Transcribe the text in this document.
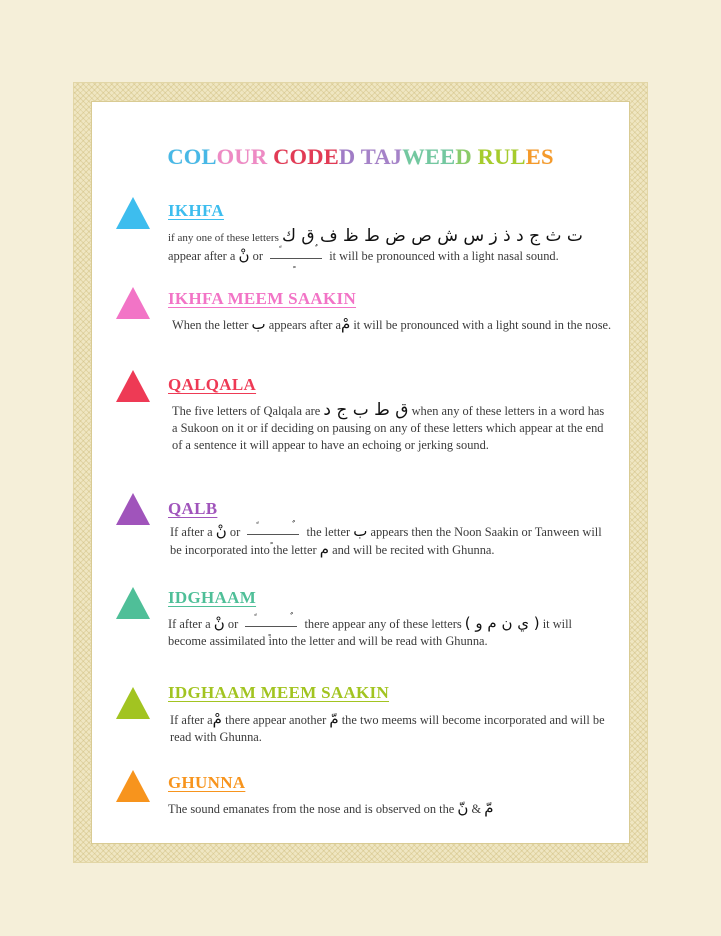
COLOUR CODED TAJWEED RULES
IKHFA

if any one of these letters ت ث ج د ذ ز س ش ص ض ط ظ ف ق ك
appear after a نْ or	it will be pronounced with a light nasal sound.

IKHFA MEEM SAAKIN

When the letter ب appears after aمْ it will be pronounced with a light sound in the nose.

QALQALA

The five letters of Qalqala are ق ط ب ج د when any of these letters in a word has a Sukoon on it or if deciding on pausing on any of these letters which appear at the end of a sentence it will appear to have an echoing or jerking sound.

QALB

If after a نْ or	the letter ب appears then the Noon Saakin or Tanween will be incorporated into the letter م and will be recited with Ghunna.

IDGHAAM

If after a نْ or	there appear any of these letters ( ي ن م و ) it will become assimilated into the letter and will be read with Ghunna.

IDGHAAM MEEM SAAKIN

If after aمْ there appear another مّ the two meems will become incorporated and will be read with Ghunna.

GHUNNA

The sound emanates from the nose and is observed on the نّ & مّ
